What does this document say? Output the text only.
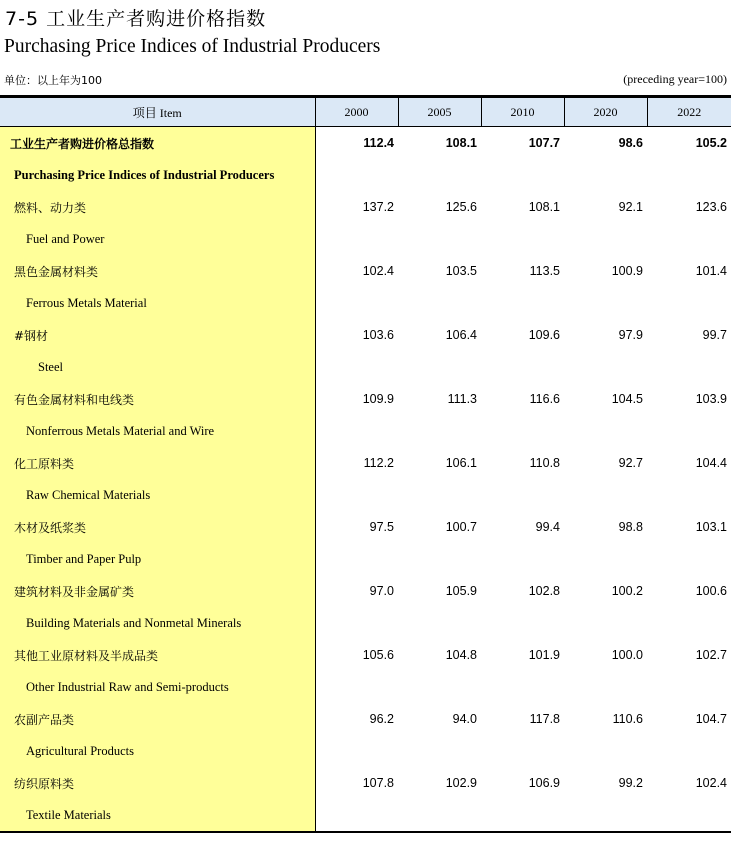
7-5 工业生产者购进价格指数
Purchasing Price Indices of Industrial Producers
单位：以上年为100	(preceding year=100)
项目 Item	2000	2005	2010	2020	2022
工业生产者购进价格总指数	112.4	108.1	107.7	98.6	105.2
Purchasing Price Indices of Industrial Producers					
燃料、动力类	137.2	125.6	108.1	92.1	123.6
Fuel and Power					
黑色金属材料类	102.4	103.5	113.5	100.9	101.4
Ferrous Metals Material					
#钢材	103.6	106.4	109.6	97.9	99.7
Steel					
有色金属材料和电线类	109.9	111.3	116.6	104.5	103.9
Nonferrous Metals Material and Wire					
化工原料类	112.2	106.1	110.8	92.7	104.4
Raw Chemical Materials					
木材及纸浆类	97.5	100.7	99.4	98.8	103.1
Timber and Paper Pulp					
建筑材料及非金属矿类	97.0	105.9	102.8	100.2	100.6
Building Materials and Nonmetal Minerals					
其他工业原材料及半成品类	105.6	104.8	101.9	100.0	102.7
Other Industrial Raw and Semi-products					
农副产品类	96.2	94.0	117.8	110.6	104.7
Agricultural Products					
纺织原料类	107.8	102.9	106.9	99.2	102.4
Textile Materials					
